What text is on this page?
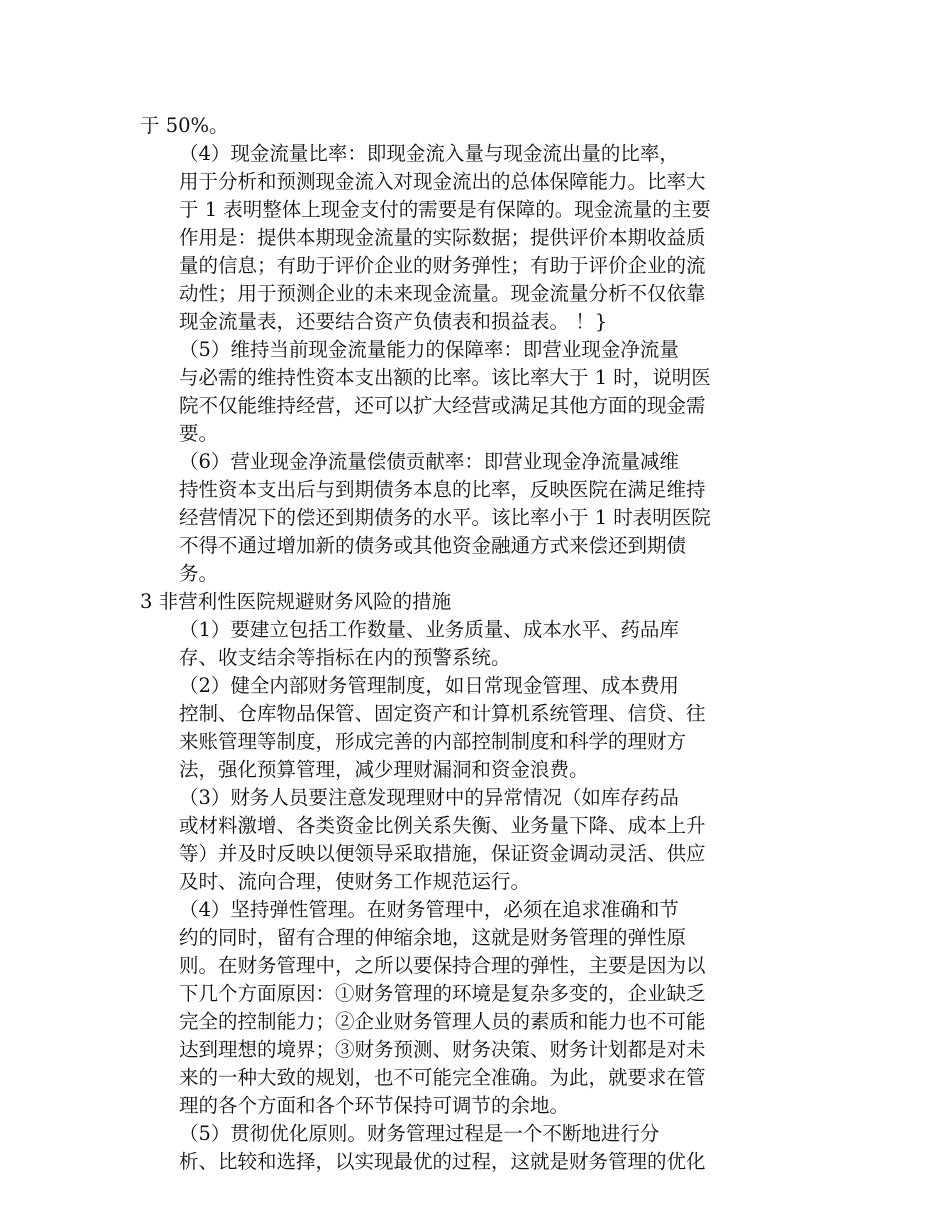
于 50%。
（4）现金流量比率：即现金流入量与现金流出量的比率，
用于分析和预测现金流入对现金流出的总体保障能力。比率大
于 1 表明整体上现金支付的需要是有保障的。现金流量的主要
作用是：提供本期现金流量的实际数据；提供评价本期收益质
量的信息；有助于评价企业的财务弹性；有助于评价企业的流
动性；用于预测企业的未来现金流量。现金流量分析不仅依靠
现金流量表，还要结合资产负债表和损益表。 ！}
（5）维持当前现金流量能力的保障率：即营业现金净流量
与必需的维持性资本支出额的比率。该比率大于 1 时，说明医
院不仅能维持经营，还可以扩大经营或满足其他方面的现金需
要。
（6）营业现金净流量偿债贡献率：即营业现金净流量减维
持性资本支出后与到期债务本息的比率，反映医院在满足维持
经营情况下的偿还到期债务的水平。该比率小于 1 时表明医院
不得不通过增加新的债务或其他资金融通方式来偿还到期债
务。
3 非营利性医院规避财务风险的措施
（1）要建立包括工作数量、业务质量、成本水平、药品库
存、收支结余等指标在内的预警系统。
（2）健全内部财务管理制度，如日常现金管理、成本费用
控制、仓库物品保管、固定资产和计算机系统管理、信贷、往
来账管理等制度，形成完善的内部控制制度和科学的理财方
法，强化预算管理，减少理财漏洞和资金浪费。
（3）财务人员要注意发现理财中的异常情况（如库存药品
或材料激增、各类资金比例关系失衡、业务量下降、成本上升
等）并及时反映以便领导采取措施，保证资金调动灵活、供应
及时、流向合理，使财务工作规范运行。
（4）坚持弹性管理。在财务管理中，必须在追求准确和节
约的同时，留有合理的伸缩余地，这就是财务管理的弹性原
则。在财务管理中，之所以要保持合理的弹性，主要是因为以
下几个方面原因：①财务管理的环境是复杂多变的，企业缺乏
完全的控制能力；②企业财务管理人员的素质和能力也不可能
达到理想的境界；③财务预测、财务决策、财务计划都是对未
来的一种大致的规划，也不可能完全准确。为此，就要求在管
理的各个方面和各个环节保持可调节的余地。
（5）贯彻优化原则。财务管理过程是一个不断地进行分
析、比较和选择，以实现最优的过程，这就是财务管理的优化
